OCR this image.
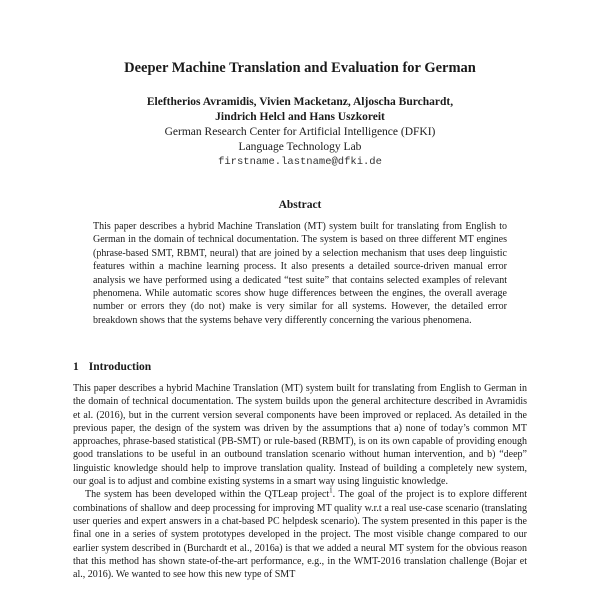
Deeper Machine Translation and Evaluation for German
Eleftherios Avramidis, Vivien Macketanz, Aljoscha Burchardt,
Jindrich Helcl and Hans Uszkoreit
German Research Center for Artificial Intelligence (DFKI)
Language Technology Lab
firstname.lastname@dfki.de
Abstract

This paper describes a hybrid Machine Translation (MT) system built for translating from English to German in the domain of technical documentation. The system is based on three different MT engines (phrase-based SMT, RBMT, neural) that are joined by a selection mechanism that uses deep linguistic features within a machine learning process. It also presents a detailed source-driven manual error analysis we have performed using a dedicated “test suite” that contains selected examples of relevant phenomena. While automatic scores show huge differences between the engines, the overall average number or errors they (do not) make is very similar for all systems. However, the detailed error breakdown shows that the systems behave very differently concerning the various phenomena.

1 Introduction

This paper describes a hybrid Machine Translation (MT) system built for translating from English to German in the domain of technical documentation. The system builds upon the general architecture described in Avramidis et al. (2016), but in the current version several components have been improved or replaced. As detailed in the previous paper, the design of the system was driven by the assumptions that a) none of today’s common MT approaches, phrase-based statistical (PB-SMT) or rule-based (RBMT), is on its own capable of providing enough good translations to be useful in an outbound translation scenario without human intervention, and b) “deep” linguistic knowledge should help to improve translation quality. Instead of building a completely new system, our goal is to adjust and combine existing systems in a smart way using linguistic knowledge.

The system has been developed within the QTLeap project$^1$. The goal of the project is to explore different combinations of shallow and deep processing for improving MT quality w.r.t a real use-case scenario (translating user queries and expert answers in a chat-based PC helpdesk scenario). The system presented in this paper is the final one in a series of system prototypes developed in the project. The most visible change compared to our earlier system described in (Burchardt et al., 2016a) is that we added a neural MT system for the obvious reason that this method has shown state-of-the-art performance, e.g., in the WMT-2016 translation challenge (Bojar et al., 2016). We wanted to see how this new type of SMT
